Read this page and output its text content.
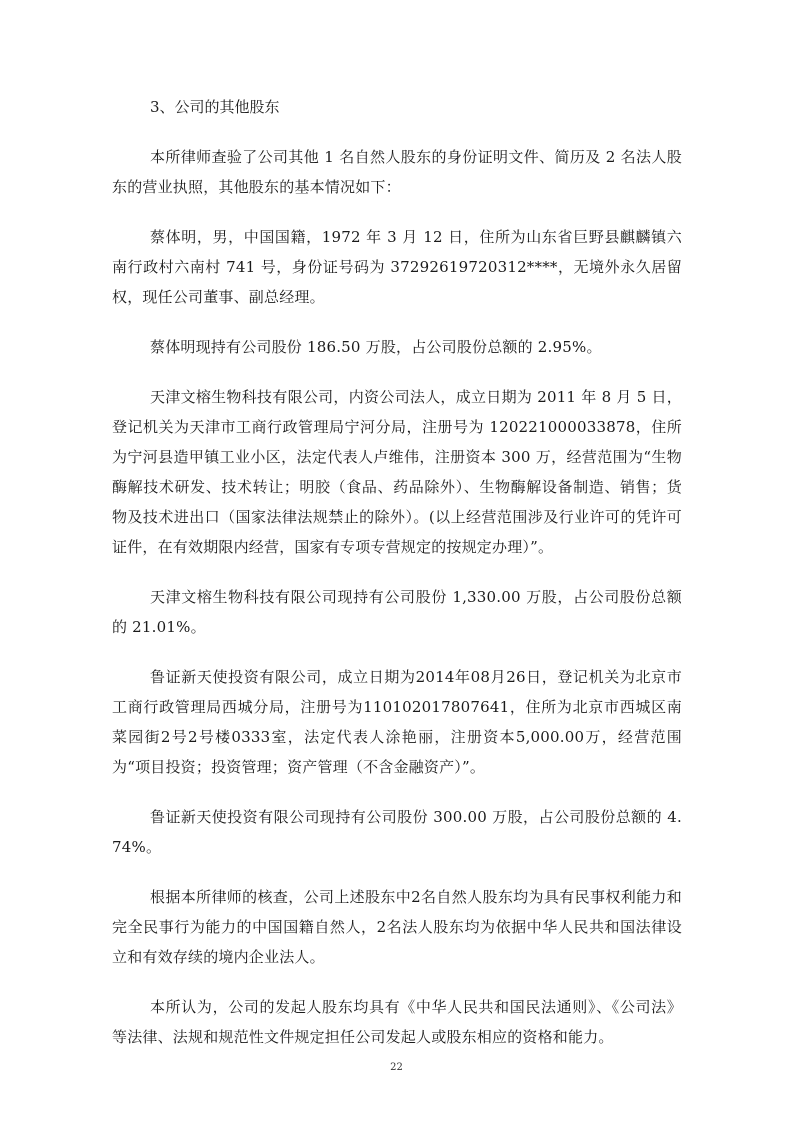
3、公司的其他股东

本所律师查验了公司其他 1 名自然人股东的身份证明文件、简历及 2 名法人股东的营业执照，其他股东的基本情况如下：

蔡体明，男，中国国籍，1972 年 3 月 12 日，住所为山东省巨野县麒麟镇六南行政村六南村 741 号，身份证号码为 37292619720312****，无境外永久居留权，现任公司董事、副总经理。

蔡体明现持有公司股份 186.50 万股，占公司股份总额的 2.95%。

天津文榕生物科技有限公司，内资公司法人，成立日期为 2011 年 8 月 5 日，登记机关为天津市工商行政管理局宁河分局，注册号为 120221000033878，住所为宁河县造甲镇工业小区，法定代表人卢维伟，注册资本 300 万，经营范围为“生物酶解技术研发、技术转让；明胶（食品、药品除外）、生物酶解设备制造、销售；货物及技术进出口（国家法律法规禁止的除外）。(以上经营范围涉及行业许可的凭许可证件，在有效期限内经营，国家有专项专营规定的按规定办理）”。

天津文榕生物科技有限公司现持有公司股份 1,330.00 万股，占公司股份总额的 21.01%。

鲁证新天使投资有限公司，成立日期为2014年08月26日，登记机关为北京市工商行政管理局西城分局，注册号为110102017807641，住所为北京市西城区南菜园街2号2号楼0333室，法定代表人涂艳丽，注册资本5,000.00万，经营范围为“项目投资；投资管理；资产管理（不含金融资产）”。

鲁证新天使投资有限公司现持有公司股份 300.00 万股，占公司股份总额的 4.74%。

根据本所律师的核查，公司上述股东中2名自然人股东均为具有民事权利能力和完全民事行为能力的中国国籍自然人，2名法人股东均为依据中华人民共和国法律设立和有效存续的境内企业法人。

本所认为，公司的发起人股东均具有《中华人民共和国民法通则》、《公司法》等法律、法规和规范性文件规定担任公司发起人或股东相应的资格和能力。

22
